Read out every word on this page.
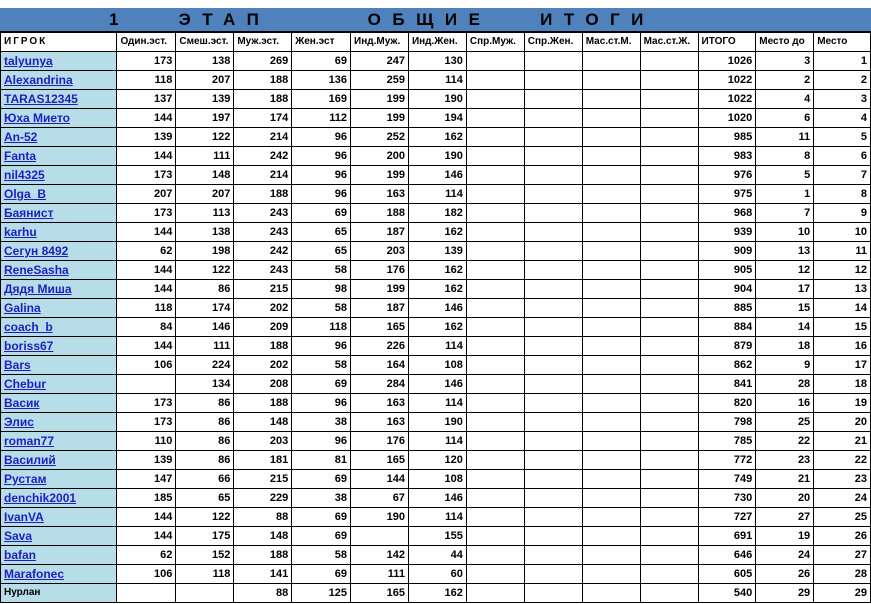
1   ЭТАП      ОБЩИЕ   ИТОГИ
ИГРОК	Один.эст.	Смеш.эст.	Муж.эст.	Жен.эст	Инд.Муж.	Инд.Жен.	Спр.Муж.	Спр.Жен.	Мас.ст.М.	Мас.ст.Ж.	ИТОГО	Место до	Место
talyunya	173	138	269	69	247	130					1026	3	1
Alexandrina	118	207	188	136	259	114					1022	2	2
TARAS12345	137	139	188	169	199	190					1022	4	3
Юха Мието	144	197	174	112	199	194					1020	6	4
An-52	139	122	214	96	252	162					985	11	5
Fanta	144	111	242	96	200	190					983	8	6
nil4325	173	148	214	96	199	146					976	5	7
Olga_B	207	207	188	96	163	114					975	1	8
Баянист	173	113	243	69	188	182					968	7	9
karhu	144	138	243	65	187	162					939	10	10
Сегун 8492	62	198	242	65	203	139					909	13	11
ReneSasha	144	122	243	58	176	162					905	12	12
Дядя Миша	144	86	215	98	199	162					904	17	13
Galina	118	174	202	58	187	146					885	15	14
coach_b	84	146	209	118	165	162					884	14	15
boriss67	144	111	188	96	226	114					879	18	16
Bars	106	224	202	58	164	108					862	9	17
Chebur		134	208	69	284	146					841	28	18
Васик	173	86	188	96	163	114					820	16	19
Элис	173	86	148	38	163	190					798	25	20
roman77	110	86	203	96	176	114					785	22	21
Василий	139	86	181	81	165	120					772	23	22
Рустам	147	66	215	69	144	108					749	21	23
denchik2001	185	65	229	38	67	146					730	20	24
IvanVA	144	122	88	69	190	114					727	27	25
Sava	144	175	148	69		155					691	19	26
bafan	62	152	188	58	142	44					646	24	27
Marafonec	106	118	141	69	111	60					605	26	28
Нурлан			88	125	165	162					540	29	29
